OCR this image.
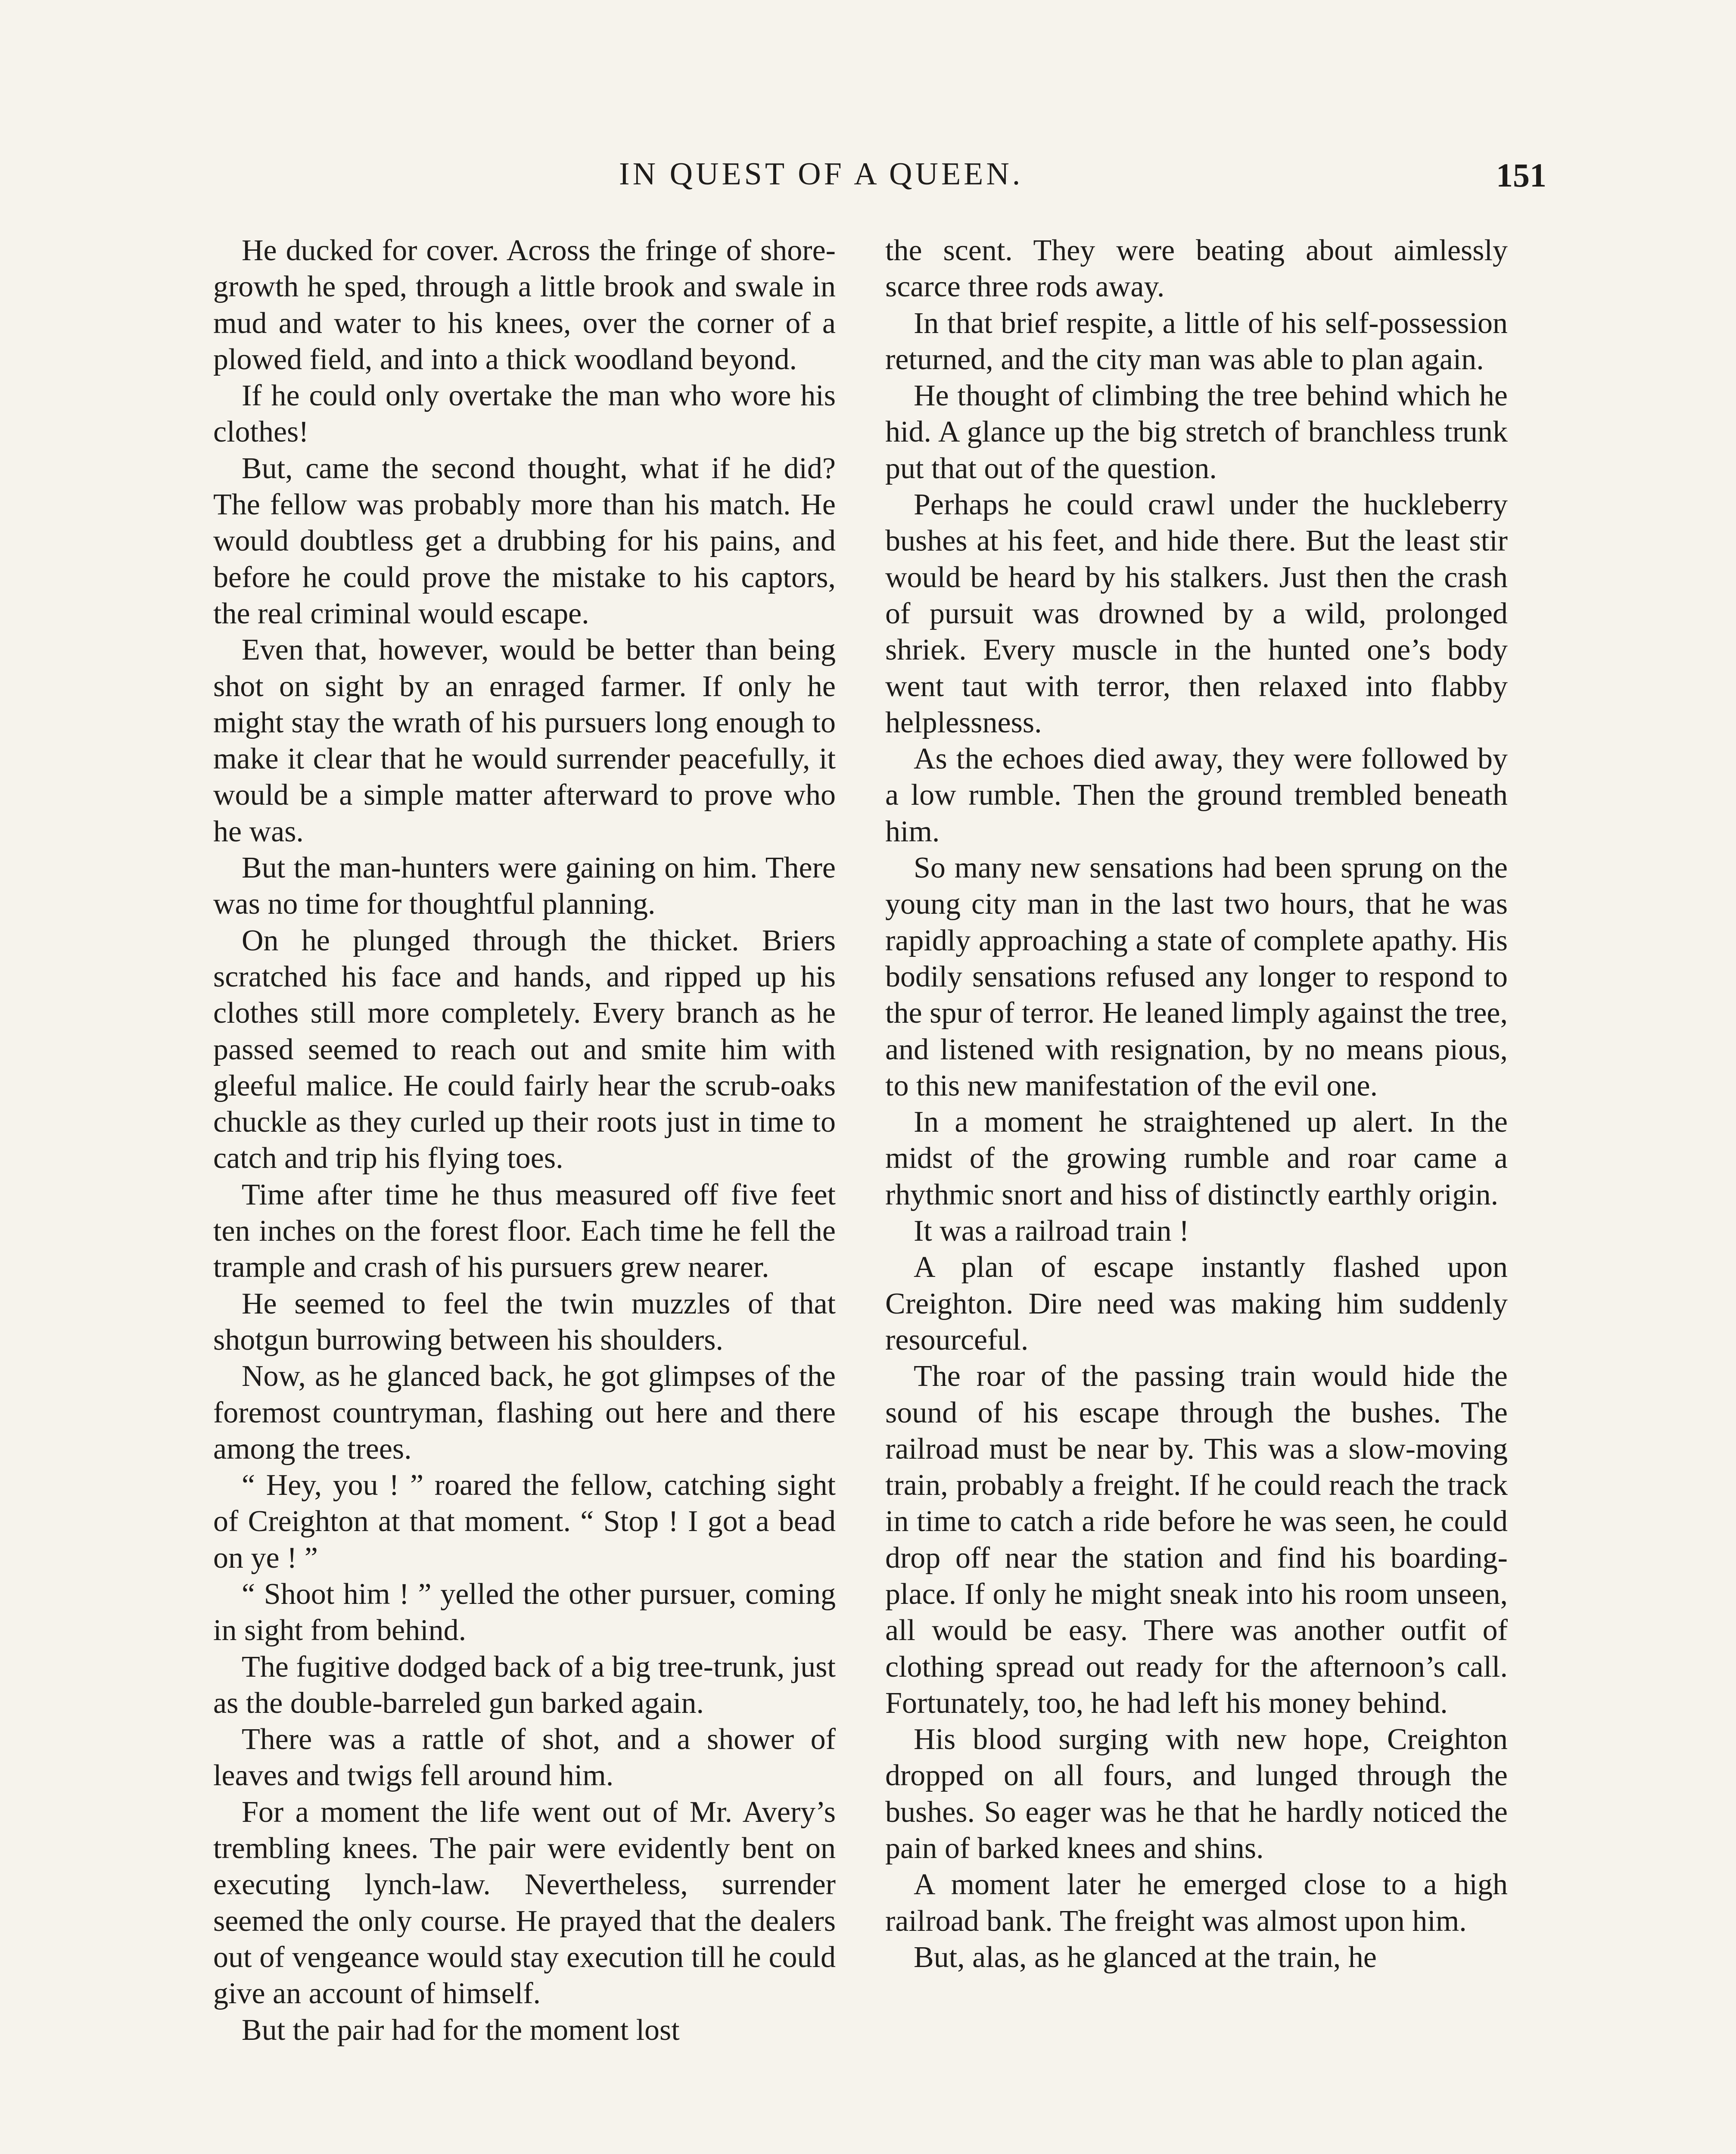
IN QUEST OF A QUEEN.	151

He ducked for cover. Across the fringe of shore-growth he sped, through a little brook and swale in mud and water to his knees, over the corner of a plowed field, and into a thick woodland beyond.

If he could only overtake the man who wore his clothes!

But, came the second thought, what if he did? The fellow was probably more than his match. He would doubtless get a drubbing for his pains, and before he could prove the mistake to his captors, the real criminal would escape.

Even that, however, would be better than being shot on sight by an enraged farmer. If only he might stay the wrath of his pursuers long enough to make it clear that he would surrender peacefully, it would be a simple matter afterward to prove who he was.

But the man-hunters were gaining on him. There was no time for thoughtful planning.

On he plunged through the thicket. Briers scratched his face and hands, and ripped up his clothes still more completely. Every branch as he passed seemed to reach out and smite him with gleeful malice. He could fairly hear the scrub-oaks chuckle as they curled up their roots just in time to catch and trip his flying toes.

Time after time he thus measured off five feet ten inches on the forest floor. Each time he fell the trample and crash of his pursuers grew nearer.

He seemed to feel the twin muzzles of that shotgun burrowing between his shoulders.

Now, as he glanced back, he got glimpses of the foremost countryman, flashing out here and there among the trees.

“ Hey, you ! ” roared the fellow, catching sight of Creighton at that moment. “ Stop ! I got a bead on ye ! ”

“ Shoot him ! ” yelled the other pursuer, coming in sight from behind.

The fugitive dodged back of a big tree-trunk, just as the double-barreled gun barked again.

There was a rattle of shot, and a shower of leaves and twigs fell around him.

For a moment the life went out of Mr. Avery’s trembling knees. The pair were evidently bent on executing lynch-law. Nevertheless, surrender seemed the only course. He prayed that the dealers out of vengeance would stay execution till he could give an account of himself.

But the pair had for the moment lost

the scent. They were beating about aimlessly scarce three rods away.

In that brief respite, a little of his self-possession returned, and the city man was able to plan again.

He thought of climbing the tree behind which he hid. A glance up the big stretch of branchless trunk put that out of the question.

Perhaps he could crawl under the huckleberry bushes at his feet, and hide there. But the least stir would be heard by his stalkers. Just then the crash of pursuit was drowned by a wild, prolonged shriek. Every muscle in the hunted one’s body went taut with terror, then relaxed into flabby helplessness.

As the echoes died away, they were followed by a low rumble. Then the ground trembled beneath him.

So many new sensations had been sprung on the young city man in the last two hours, that he was rapidly approaching a state of complete apathy. His bodily sensations refused any longer to respond to the spur of terror. He leaned limply against the tree, and listened with resignation, by no means pious, to this new manifestation of the evil one.

In a moment he straightened up alert. In the midst of the growing rumble and roar came a rhythmic snort and hiss of distinctly earthly origin.

It was a railroad train !

A plan of escape instantly flashed upon Creighton. Dire need was making him suddenly resourceful.

The roar of the passing train would hide the sound of his escape through the bushes. The railroad must be near by. This was a slow-moving train, probably a freight. If he could reach the track in time to catch a ride before he was seen, he could drop off near the station and find his boarding-place. If only he might sneak into his room unseen, all would be easy. There was another outfit of clothing spread out ready for the afternoon’s call. Fortunately, too, he had left his money behind.

His blood surging with new hope, Creighton dropped on all fours, and lunged through the bushes. So eager was he that he hardly noticed the pain of barked knees and shins.

A moment later he emerged close to a high railroad bank. The freight was almost upon him.

But, alas, as he glanced at the train, he
